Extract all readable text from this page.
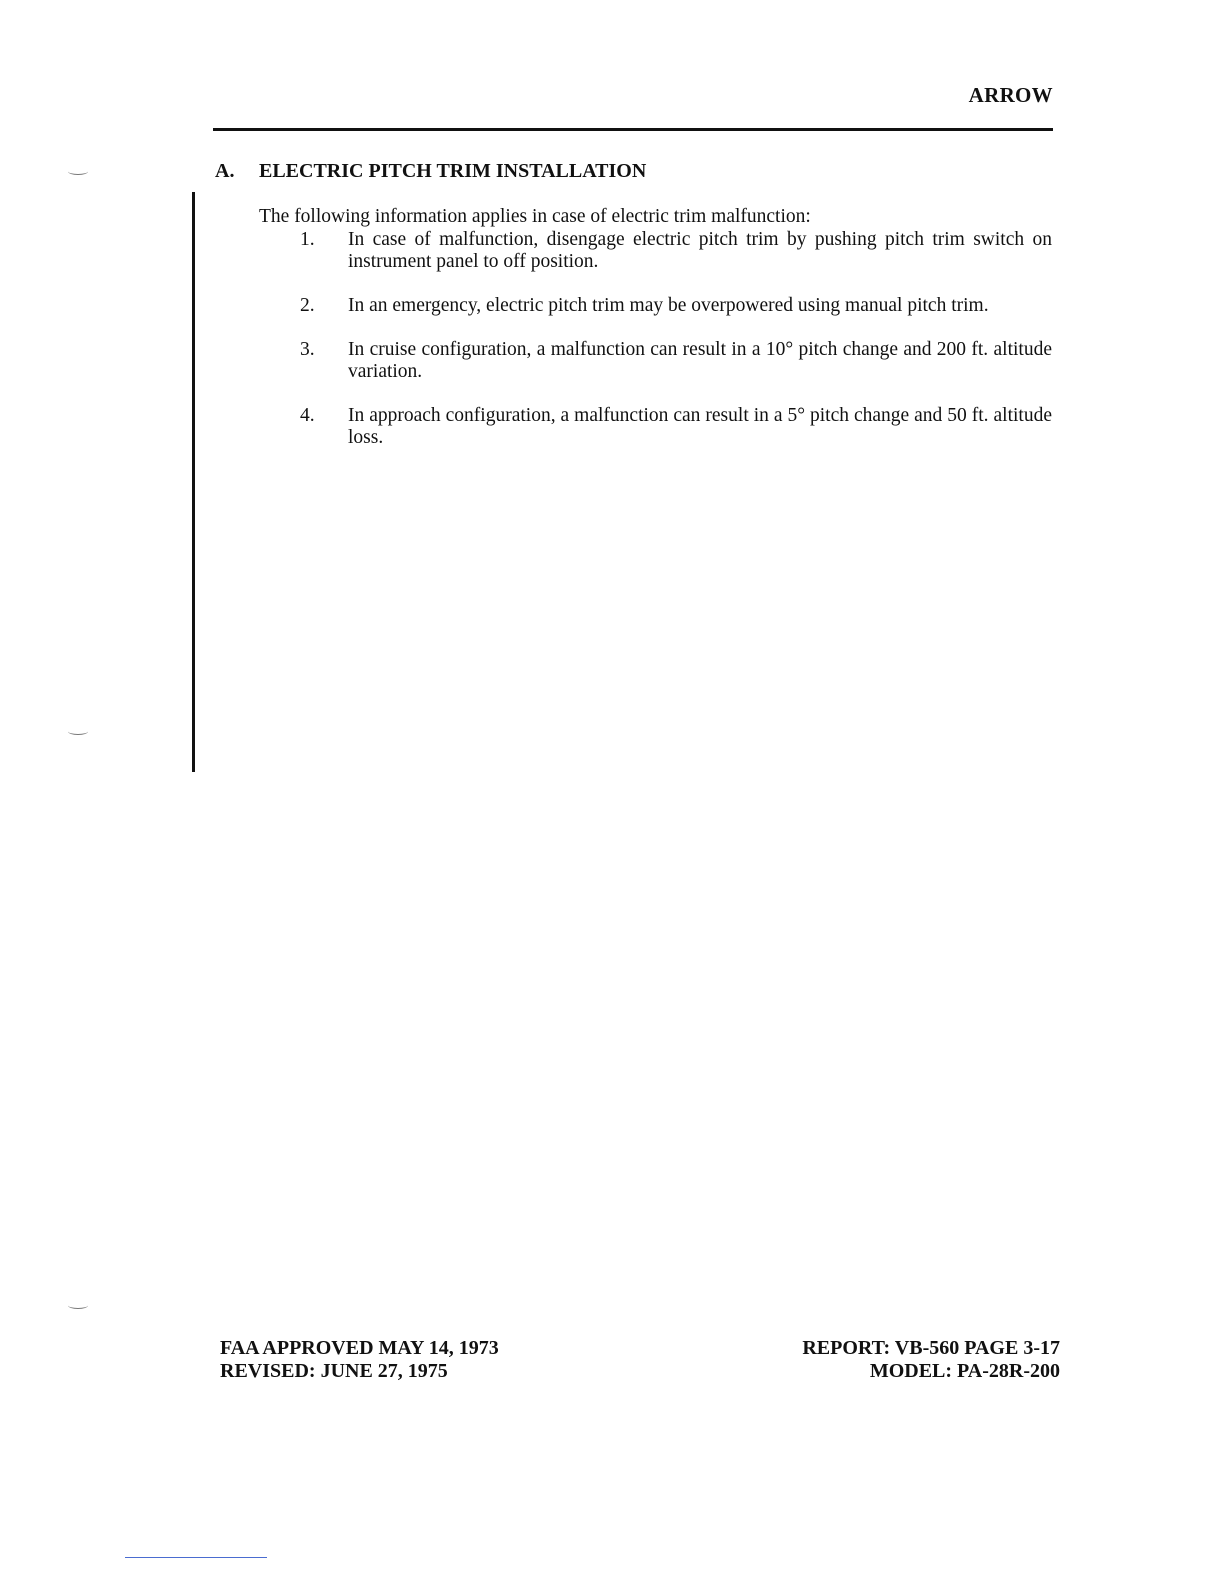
ARROW
A. ELECTRIC PITCH TRIM INSTALLATION
The following information applies in case of electric trim malfunction:
1.	In case of malfunction, disengage electric pitch trim by pushing pitch trim switch on instrument panel to off position.
2.	In an emergency, electric pitch trim may be overpowered using manual pitch trim.
3.	In cruise configuration, a malfunction can result in a 10° pitch change and 200 ft. altitude variation.
4.	In approach configuration, a malfunction can result in a 5° pitch change and 50 ft. altitude loss.
FAA APPROVED MAY 14, 1973
REVISED: JUNE 27, 1975
REPORT: VB-560 PAGE 3-17
MODEL: PA-28R-200
